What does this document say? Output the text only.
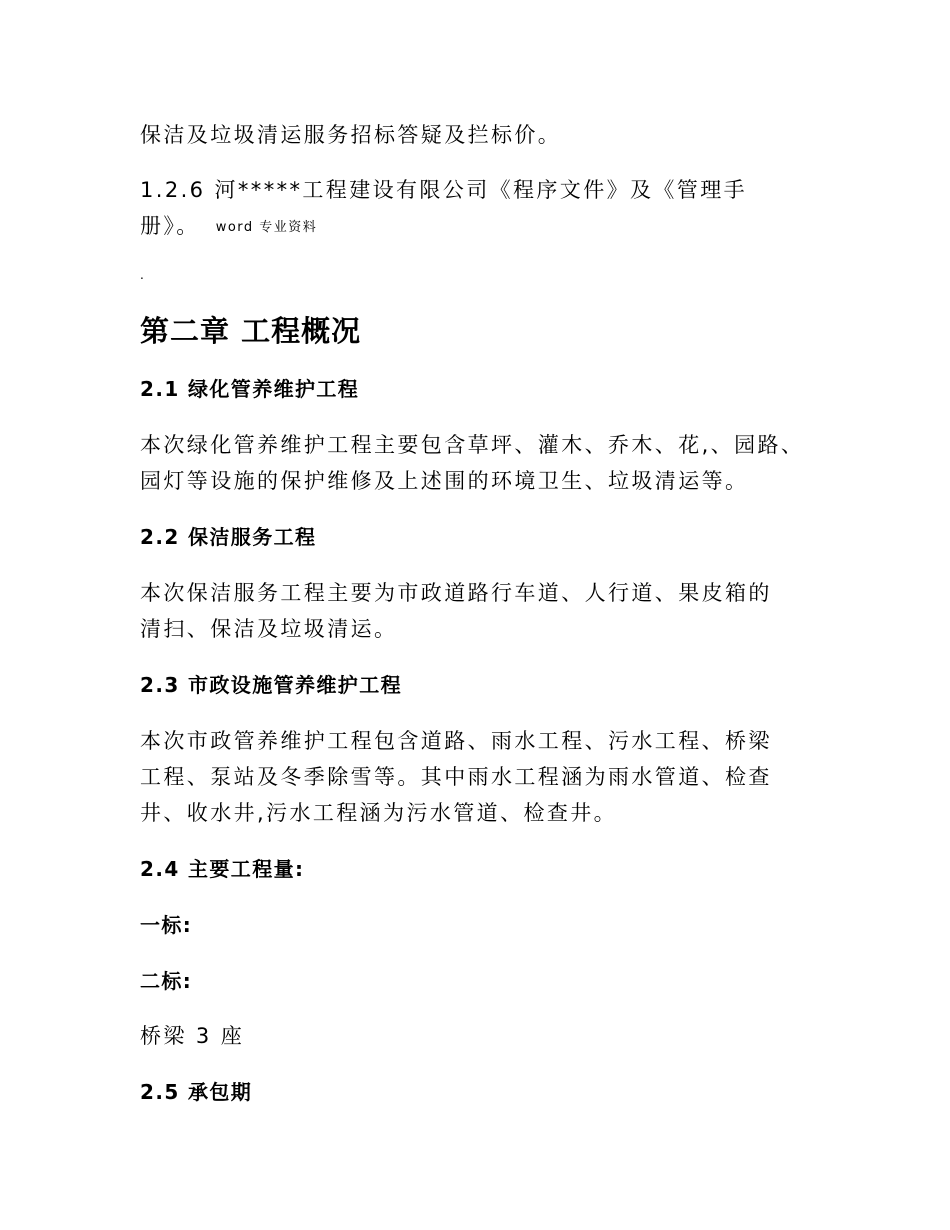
保洁及垃圾清运服务招标答疑及拦标价。

1.2.6 河*****工程建设有限公司《程序文件》及《管理手
册》。 word 专业资料

.
第二章 工程概况
2.1 绿化管养维护工程

本次绿化管养维护工程主要包含草坪、灌木、乔木、花,、园路、
园灯等设施的保护维修及上述围的环境卫生、垃圾清运等。

2.2 保洁服务工程

本次保洁服务工程主要为市政道路行车道、人行道、果皮箱的
清扫、保洁及垃圾清运。

2.3 市政设施管养维护工程

本次市政管养维护工程包含道路、雨水工程、污水工程、桥梁
工程、泵站及冬季除雪等。其中雨水工程涵为雨水管道、检查
井、收水井,污水工程涵为污水管道、检查井。

2.4 主要工程量:
一标:
二标:

桥梁 3 座

2.5 承包期
